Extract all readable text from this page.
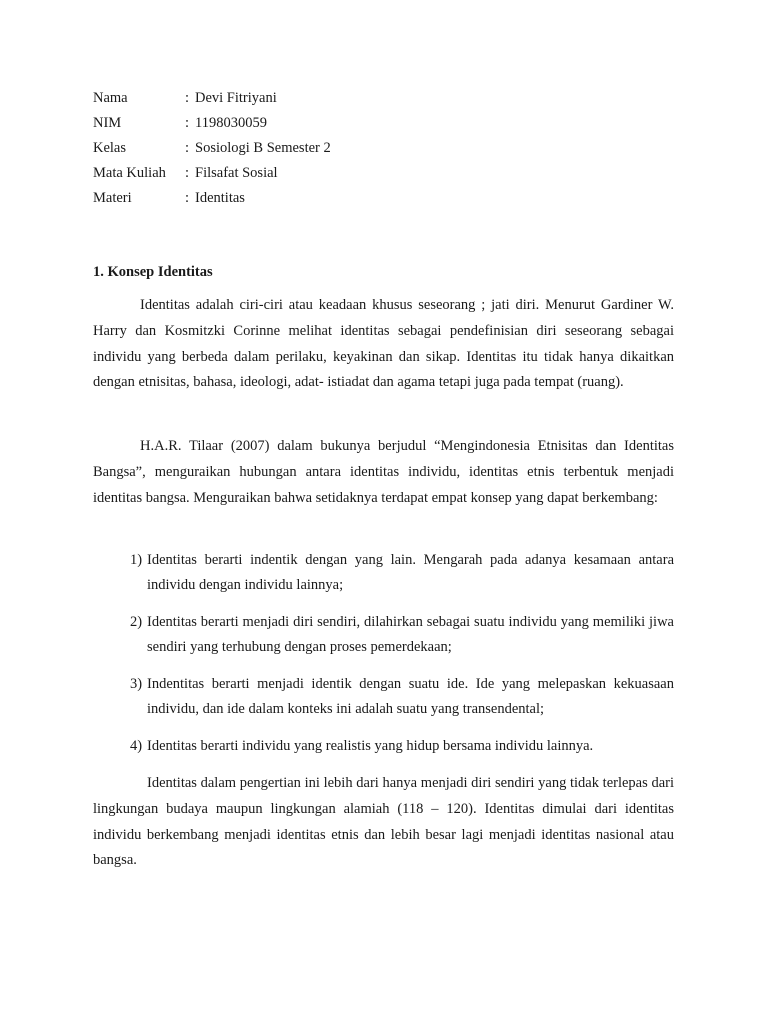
Nama	: Devi Fitriyani
NIM	: 1198030059
Kelas	: Sosiologi B Semester 2
Mata Kuliah	: Filsafat Sosial
Materi	: Identitas
1. Konsep Identitas

Identitas adalah ciri-ciri atau keadaan khusus seseorang ; jati diri. Menurut Gardiner W. Harry dan Kosmitzki Corinne melihat identitas sebagai pendefinisian diri seseorang sebagai individu yang berbeda dalam perilaku, keyakinan dan sikap. Identitas itu tidak hanya dikaitkan dengan etnisitas, bahasa, ideologi, adat- istiadat dan agama tetapi juga pada tempat (ruang).

H.A.R. Tilaar (2007) dalam bukunya berjudul “Mengindonesia Etnisitas dan Identitas Bangsa”, menguraikan hubungan antara identitas individu, identitas etnis terbentuk menjadi identitas bangsa. Menguraikan bahwa setidaknya terdapat empat konsep yang dapat berkembang:

1) Identitas berarti indentik dengan yang lain. Mengarah pada adanya kesamaan antara individu dengan individu lainnya;
2) Identitas berarti menjadi diri sendiri, dilahirkan sebagai suatu individu yang memiliki jiwa sendiri yang terhubung dengan proses pemerdekaan;
3) Indentitas berarti menjadi identik dengan suatu ide. Ide yang melepaskan kekuasaan individu, dan ide dalam konteks ini adalah suatu yang transendental;
4) Identitas berarti individu yang realistis yang hidup bersama individu lainnya.

Identitas dalam pengertian ini lebih dari hanya menjadi diri sendiri yang tidak terlepas dari lingkungan budaya maupun lingkungan alamiah (118 – 120). Identitas dimulai dari identitas individu berkembang menjadi identitas etnis dan lebih besar lagi menjadi identitas nasional atau bangsa.
